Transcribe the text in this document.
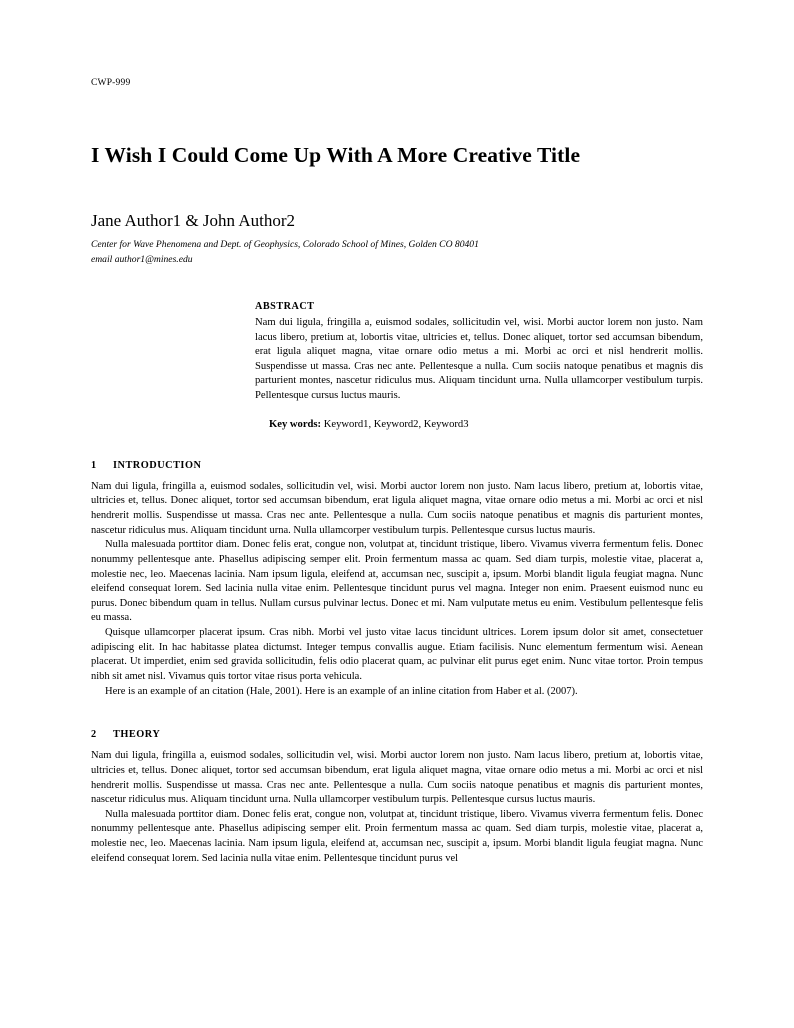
CWP-999
I Wish I Could Come Up With A More Creative Title
Jane Author1 & John Author2
Center for Wave Phenomena and Dept. of Geophysics, Colorado School of Mines, Golden CO 80401
email author1@mines.edu
ABSTRACT

Nam dui ligula, fringilla a, euismod sodales, sollicitudin vel, wisi. Morbi auctor lorem non justo. Nam lacus libero, pretium at, lobortis vitae, ultricies et, tellus. Donec aliquet, tortor sed accumsan bibendum, erat ligula aliquet magna, vitae ornare odio metus a mi. Morbi ac orci et nisl hendrerit mollis. Suspendisse ut massa. Cras nec ante. Pellentesque a nulla. Cum sociis natoque penatibus et magnis dis parturient montes, nascetur ridiculus mus. Aliquam tincidunt urna. Nulla ullamcorper vestibulum turpis. Pellentesque cursus luctus mauris.

Key words: Keyword1, Keyword2, Keyword3
1 INTRODUCTION

Nam dui ligula, fringilla a, euismod sodales, sollicitudin vel, wisi. Morbi auctor lorem non justo. Nam lacus libero, pretium at, lobortis vitae, ultricies et, tellus. Donec aliquet, tortor sed accumsan bibendum, erat ligula aliquet magna, vitae ornare odio metus a mi. Morbi ac orci et nisl hendrerit mollis. Suspendisse ut massa. Cras nec ante. Pellentesque a nulla. Cum sociis natoque penatibus et magnis dis parturient montes, nascetur ridiculus mus. Aliquam tincidunt urna. Nulla ullamcorper vestibulum turpis. Pellentesque cursus luctus mauris.

Nulla malesuada porttitor diam. Donec felis erat, congue non, volutpat at, tincidunt tristique, libero. Vivamus viverra fermentum felis. Donec nonummy pellentesque ante. Phasellus adipiscing semper elit. Proin fermentum massa ac quam. Sed diam turpis, molestie vitae, placerat a, molestie nec, leo. Maecenas lacinia. Nam ipsum ligula, eleifend at, accumsan nec, suscipit a, ipsum. Morbi blandit ligula feugiat magna. Nunc eleifend consequat lorem. Sed lacinia nulla vitae enim. Pellentesque tincidunt purus vel magna. Integer non enim. Praesent euismod nunc eu purus. Donec bibendum quam in tellus. Nullam cursus pulvinar lectus. Donec et mi. Nam vulputate metus eu enim. Vestibulum pellentesque felis eu massa.

Quisque ullamcorper placerat ipsum. Cras nibh. Morbi vel justo vitae lacus tincidunt ultrices. Lorem ipsum dolor sit amet, consectetuer adipiscing elit. In hac habitasse platea dictumst. Integer tempus convallis augue. Etiam facilisis. Nunc elementum fermentum wisi. Aenean placerat. Ut imperdiet, enim sed gravida sollicitudin, felis odio placerat quam, ac pulvinar elit purus eget enim. Nunc vitae tortor. Proin tempus nibh sit amet nisl. Vivamus quis tortor vitae risus porta vehicula.

Here is an example of an citation (Hale, 2001). Here is an example of an inline citation from Haber et al. (2007).

2 THEORY

Nam dui ligula, fringilla a, euismod sodales, sollicitudin vel, wisi. Morbi auctor lorem non justo. Nam lacus libero, pretium at, lobortis vitae, ultricies et, tellus. Donec aliquet, tortor sed accumsan bibendum, erat ligula aliquet magna, vitae ornare odio metus a mi. Morbi ac orci et nisl hendrerit mollis. Suspendisse ut massa. Cras nec ante. Pellentesque a nulla. Cum sociis natoque penatibus et magnis dis parturient montes, nascetur ridiculus mus. Aliquam tincidunt urna. Nulla ullamcorper vestibulum turpis. Pellentesque cursus luctus mauris.

Nulla malesuada porttitor diam. Donec felis erat, congue non, volutpat at, tincidunt tristique, libero. Vivamus viverra fermentum felis. Donec nonummy pellentesque ante. Phasellus adipiscing semper elit. Proin fermentum massa ac quam. Sed diam turpis, molestie vitae, placerat a, molestie nec, leo. Maecenas lacinia. Nam ipsum ligula, eleifend at, accumsan nec, suscipit a, ipsum. Morbi blandit ligula feugiat magna. Nunc eleifend consequat lorem. Sed lacinia nulla vitae enim. Pellentesque tincidunt purus vel
